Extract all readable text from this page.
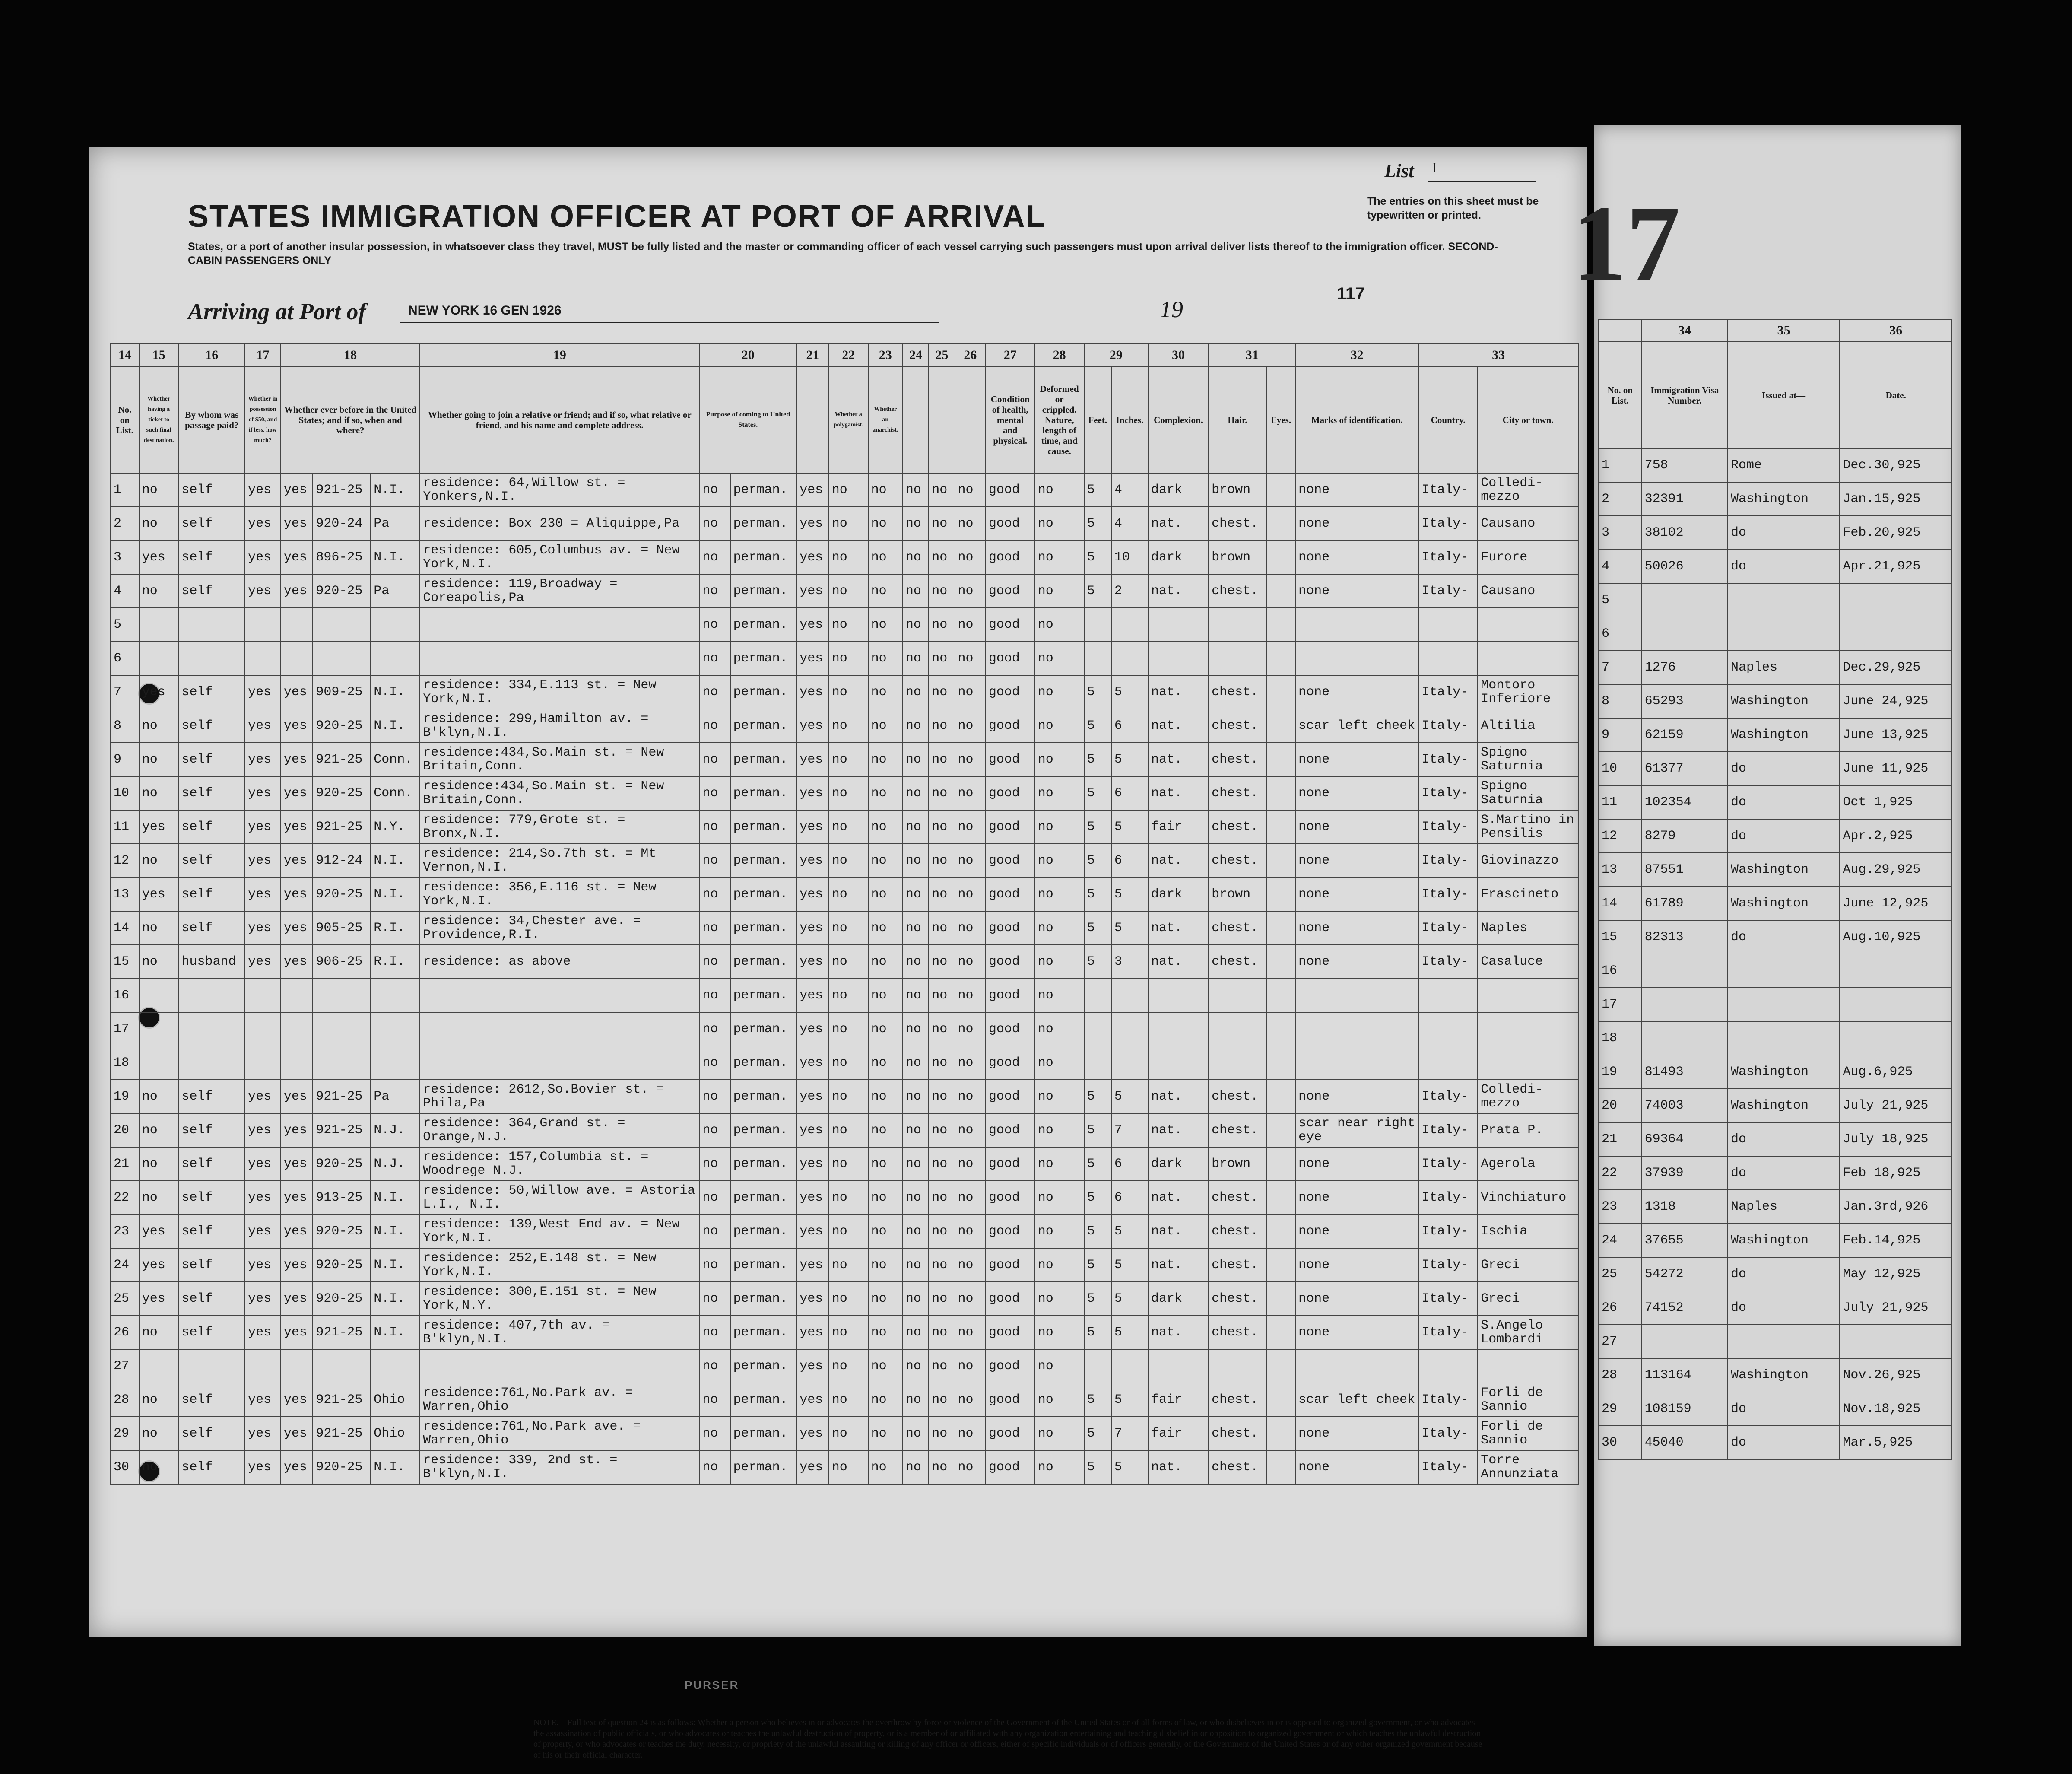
List I
The entries on this sheet must be typewritten or printed.
STATES IMMIGRATION OFFICER AT PORT OF ARRIVAL
States, or a port of another insular possession, in whatsoever class they travel, MUST be fully listed and the master or commanding officer of each vessel carrying such passengers must upon arrival deliver lists thereof to the immigration officer. SECOND-CABIN PASSENGERS ONLY
Arriving at Port of	NEW YORK 16 GEN 1926	19
117
PURSER
NOTE.—Full text of question 24 is as follows: Whether a person who believes in or advocates the overthrow by force or violence of the Government of the United States or of all forms of law, or who disbelieves in or is opposed to organized government, or who advocates the assassination of public officials, or who advocates or teaches the unlawful destruction of property, or is a member of or affiliated with any organization entertaining and teaching disbelief in or opposition to organized government or which teaches the unlawful destruction of property, or who advocates or teaches the duty, necessity, or propriety of the unlawful assaulting or killing of any officer or officers, either of specific individuals or of officers generally, of the Government of the United States or of any other organized government because of his or their official character.
17
14	15	16	17	18			19	20		21	22	23	24	25	26	27	28	29		30	31		32	33	
No. on List.	Whether having a ticket to such final destination.	By whom was passage paid?	Whether in possession of $50, and if less, how much?	Whether ever before in the United States; and if so, when and where?			Whether going to join a relative or friend; and if so, what relative or friend, and his name and complete address.	Purpose of coming to United States.			Whether a polygamist.	Whether an anarchist.				Condition of health, mental and physical.	Deformed or crippled. Nature, length of time, and cause.	Feet.	Inches.	Complexion.	Hair.	Eyes.	Marks of identification.	Country.	City or town.
1	no	self	yes	yes	921-25	N.I.	residence: 64,Willow st. = Yonkers,N.I.	no	perman.	yes	no	no	no	no	no	good	no	5	4	dark	brown		none	Italy-	Colledi- mezzo
2	no	self	yes	yes	920-24	Pa	residence: Box 230 = Aliquippe,Pa	no	perman.	yes	no	no	no	no	no	good	no	5	4	nat.	chest.		none	Italy-	Causano
3	yes	self	yes	yes	896-25	N.I.	residence: 605,Columbus av. = New York,N.I.	no	perman.	yes	no	no	no	no	no	good	no	5	10	dark	brown		none	Italy-	Furore
4	no	self	yes	yes	920-25	Pa	residence: 119,Broadway = Coreapolis,Pa	no	perman.	yes	no	no	no	no	no	good	no	5	2	nat.	chest.		none	Italy-	Causano
5								no	perman.	yes	no	no	no	no	no	good	no								
6								no	perman.	yes	no	no	no	no	no	good	no								
7	yes	self	yes	yes	909-25	N.I.	residence: 334,E.113 st. = New York,N.I.	no	perman.	yes	no	no	no	no	no	good	no	5	5	nat.	chest.		none	Italy-	Montoro Inferiore
8	no	self	yes	yes	920-25	N.I.	residence: 299,Hamilton av. = B'klyn,N.I.	no	perman.	yes	no	no	no	no	no	good	no	5	6	nat.	chest.		scar left cheek	Italy-	Altilia
9	no	self	yes	yes	921-25	Conn.	residence:434,So.Main st. = New Britain,Conn.	no	perman.	yes	no	no	no	no	no	good	no	5	5	nat.	chest.		none	Italy-	Spigno Saturnia
10	no	self	yes	yes	920-25	Conn.	residence:434,So.Main st. = New Britain,Conn.	no	perman.	yes	no	no	no	no	no	good	no	5	6	nat.	chest.		none	Italy-	Spigno Saturnia
11	yes	self	yes	yes	921-25	N.Y.	residence: 779,Grote st. = Bronx,N.I.	no	perman.	yes	no	no	no	no	no	good	no	5	5	fair	chest.		none	Italy-	S.Martino in Pensilis
12	no	self	yes	yes	912-24	N.I.	residence: 214,So.7th st. = Mt Vernon,N.I.	no	perman.	yes	no	no	no	no	no	good	no	5	6	nat.	chest.		none	Italy-	Giovinazzo
13	yes	self	yes	yes	920-25	N.I.	residence: 356,E.116 st. = New York,N.I.	no	perman.	yes	no	no	no	no	no	good	no	5	5	dark	brown		none	Italy-	Frascineto
14	no	self	yes	yes	905-25	R.I.	residence: 34,Chester ave. = Providence,R.I.	no	perman.	yes	no	no	no	no	no	good	no	5	5	nat.	chest.		none	Italy-	Naples
15	no	husband	yes	yes	906-25	R.I.	residence: as above	no	perman.	yes	no	no	no	no	no	good	no	5	3	nat.	chest.		none	Italy-	Casaluce
16								no	perman.	yes	no	no	no	no	no	good	no								
17								no	perman.	yes	no	no	no	no	no	good	no								
18								no	perman.	yes	no	no	no	no	no	good	no								
19	no	self	yes	yes	921-25	Pa	residence: 2612,So.Bovier st. = Phila,Pa	no	perman.	yes	no	no	no	no	no	good	no	5	5	nat.	chest.		none	Italy-	Colledi- mezzo
20	no	self	yes	yes	921-25	N.J.	residence: 364,Grand st. = Orange,N.J.	no	perman.	yes	no	no	no	no	no	good	no	5	7	nat.	chest.		scar near right eye	Italy-	Prata P.
21	no	self	yes	yes	920-25	N.J.	residence: 157,Columbia st. = Woodrege N.J.	no	perman.	yes	no	no	no	no	no	good	no	5	6	dark	brown		none	Italy-	Agerola
22	no	self	yes	yes	913-25	N.I.	residence: 50,Willow ave. = Astoria L.I., N.I.	no	perman.	yes	no	no	no	no	no	good	no	5	6	nat.	chest.		none	Italy-	Vinchiaturo
23	yes	self	yes	yes	920-25	N.I.	residence: 139,West End av. = New York,N.I.	no	perman.	yes	no	no	no	no	no	good	no	5	5	nat.	chest.		none	Italy-	Ischia
24	yes	self	yes	yes	920-25	N.I.	residence: 252,E.148 st. = New York,N.I.	no	perman.	yes	no	no	no	no	no	good	no	5	5	nat.	chest.		none	Italy-	Greci
25	yes	self	yes	yes	920-25	N.I.	residence: 300,E.151 st. = New York,N.Y.	no	perman.	yes	no	no	no	no	no	good	no	5	5	dark	chest.		none	Italy-	Greci
26	no	self	yes	yes	921-25	N.I.	residence: 407,7th av. = B'klyn,N.I.	no	perman.	yes	no	no	no	no	no	good	no	5	5	nat.	chest.		none	Italy-	S.Angelo Lombardi
27								no	perman.	yes	no	no	no	no	no	good	no								
28	no	self	yes	yes	921-25	Ohio	residence:761,No.Park av. = Warren,Ohio	no	perman.	yes	no	no	no	no	no	good	no	5	5	fair	chest.		scar left cheek	Italy-	Forli de Sannio
29	no	self	yes	yes	921-25	Ohio	residence:761,No.Park ave. = Warren,Ohio	no	perman.	yes	no	no	no	no	no	good	no	5	7	fair	chest.		none	Italy-	Forli de Sannio
30	no	self	yes	yes	920-25	N.I.	residence: 339, 2nd st. = B'klyn,N.I.	no	perman.	yes	no	no	no	no	no	good	no	5	5	nat.	chest.		none	Italy-	Torre Annunziata
	34	35	36
No. on List.	Immigration Visa Number.	Issued at—	Date.
1	758	Rome	Dec.30,925
2	32391	Washington	Jan.15,925
3	38102	do	Feb.20,925
4	50026	do	Apr.21,925
5			
6			
7	1276	Naples	Dec.29,925
8	65293	Washington	June 24,925
9	62159	Washington	June 13,925
10	61377	do	June 11,925
11	102354	do	Oct 1,925
12	8279	do	Apr.2,925
13	87551	Washington	Aug.29,925
14	61789	Washington	June 12,925
15	82313	do	Aug.10,925
16			
17			
18			
19	81493	Washington	Aug.6,925
20	74003	Washington	July 21,925
21	69364	do	July 18,925
22	37939	do	Feb 18,925
23	1318	Naples	Jan.3rd,926
24	37655	Washington	Feb.14,925
25	54272	do	May 12,925
26	74152	do	July 21,925
27			
28	113164	Washington	Nov.26,925
29	108159	do	Nov.18,925
30	45040	do	Mar.5,925
